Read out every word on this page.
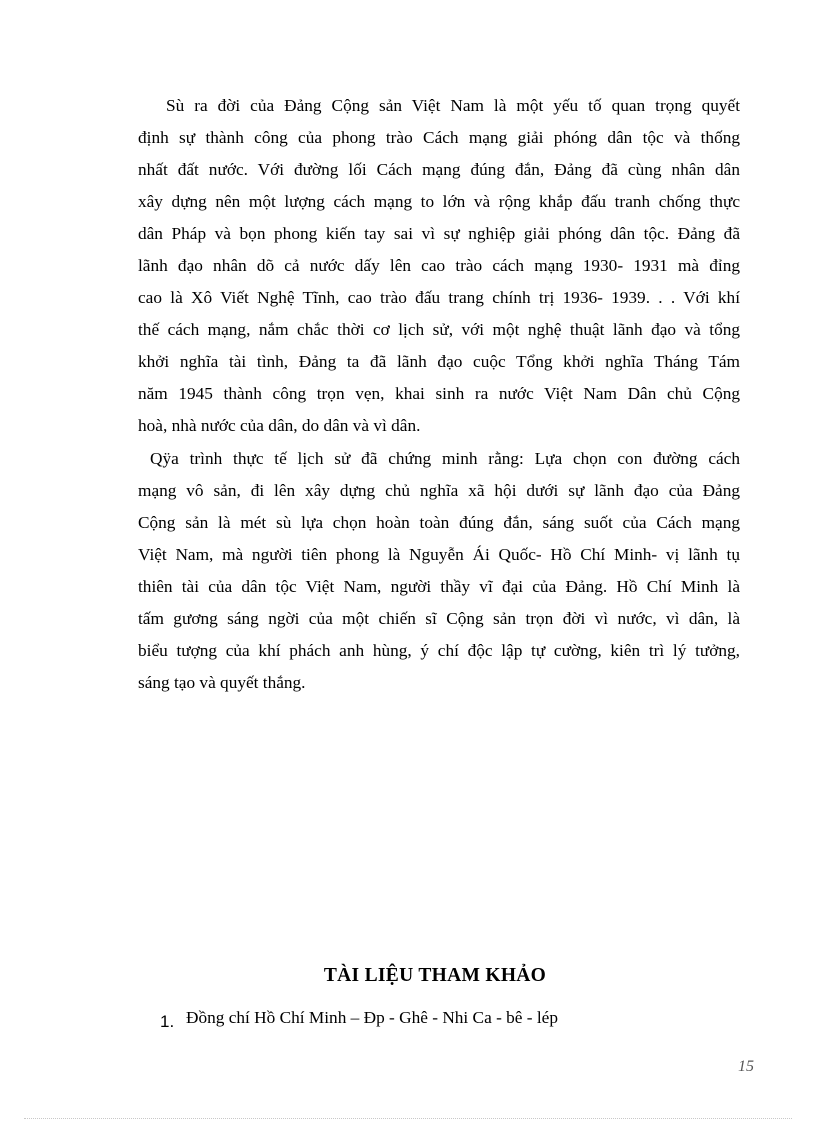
Sù ra đời của Đảng Cộng sản Việt Nam là một yếu tố quan trọng quyết
định sự thành công của phong trào Cách mạng giải phóng dân tộc và thống
nhất đất nước. Với đường lối Cách mạng đúng đắn, Đảng đã cùng nhân dân
xây dựng nên một lượng cách mạng to lớn và rộng khắp đấu tranh chống thực
dân Pháp và bọn phong kiến tay sai vì sự nghiệp giải phóng dân tộc. Đảng đã
lãnh đạo nhân dõ cả nước dấy lên cao trào cách mạng 1930- 1931 mà đỉng
cao là Xô Viết Nghệ Tĩnh, cao trào đấu trang chính trị 1936- 1939. . . Với khí
thế cách mạng, nắm chắc thời cơ lịch sử, với một nghệ thuật lãnh đạo và tổng
khởi nghĩa tài tình, Đảng ta đã lãnh đạo cuộc Tổng khởi nghĩa Tháng Tám
năm 1945 thành công trọn vẹn, khai sinh ra nước Việt Nam Dân chủ Cộng
hoà, nhà nước của dân, do dân và vì dân.
Qÿa trình thực tế lịch sử đã chứng minh rằng: Lựa chọn con đường cách
mạng vô sản, đi lên xây dựng chủ nghĩa xã hội dưới sự lãnh đạo của Đảng
Cộng sản là mét sù lựa chọn hoàn toàn đúng đắn, sáng suốt của Cách mạng
Việt Nam, mà người tiên phong là Nguyễn Ái Quốc- Hồ Chí Minh- vị lãnh tụ
thiên tài của dân tộc Việt Nam, người thầy vĩ đại của Đảng. Hồ Chí Minh là
tấm gương sáng ngời của một chiến sĩ Cộng sản trọn đời vì nước, vì dân, là
biểu tượng của khí phách anh hùng, ý chí độc lập tự cường, kiên trì lý tưởng,
sáng tạo và quyết thắng.
TÀI LIỆU THAM KHẢO
1. Đồng chí Hồ Chí Minh – Đp - Ghê - Nhi Ca - bê - lép
15
